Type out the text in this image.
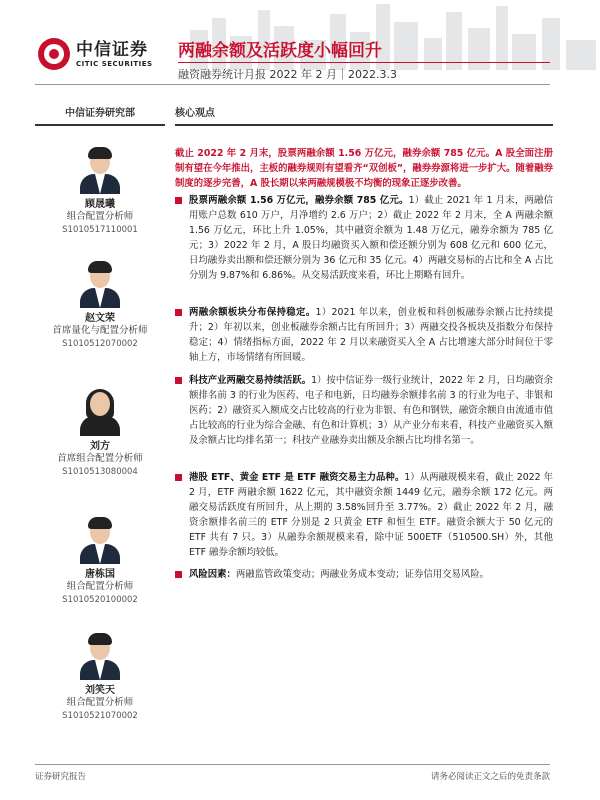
中信证券
CITIC SECURITIES
两融余额及活跃度小幅回升
融资融券统计月报 2022 年 2 月｜2022.3.3
中信证券研究部
顾晟曦
组合配置分析师
S1010517110001
赵文荣
首席量化与配置分析师
S1010512070002
刘方
首席组合配置分析师
S1010513080004
唐栋国
组合配置分析师
S1010520100002
刘笑天
组合配置分析师
S1010521070002
核心观点
截止 2022 年 2 月末，股票两融余额 1.56 万亿元，融券余额 785 亿元。A 股全面注册制有望在今年推出，主板的融券规则有望看齐“双创板”，融券券源将进一步扩大。随着融券制度的逐步完善，A 股长期以来两融规模极不均衡的现象正逐步改善。
股票两融余额 1.56 万亿元，融券余额 785 亿元。1）截止 2021 年 1 月末，两融信用账户总数 610 万户，月净增约 2.6 万户；2）截止 2022 年 2 月末，全 A 两融余额 1.56 万亿元，环比上升 1.05%，其中融资余额为 1.48 万亿元，融券余额为 785 亿元；3）2022 年 2 月，A 股日均融资买入额和偿还额分别为 608 亿元和 600 亿元，日均融券卖出额和偿还额分别为 36 亿元和 35 亿元。4）两融交易标的占比和全 A 占比分别为 9.87%和 6.86%。从交易活跃度来看，环比上期略有回升。
两融余额板块分布保持稳定。1）2021 年以来，创业板和科创板融券余额占比持续提升；2）年初以来，创业板融券余额占比有所回升；3）两融交投各板块及指数分布保持稳定；4）情绪指标方面，2022 年 2 月以来融资买入全 A 占比增速大部分时间位于零轴上方，市场情绪有所回暖。
科技产业两融交易持续活跃。1）按中信证券一级行业统计，2022 年 2 月，日均融资余额排名前 3 的行业为医药、电子和电新，日均融券余额排名前 3 的行业为电子、非银和医药；2）融资买入额成交占比较高的行业为非银、有色和钢铁，融资余额自由流通市值占比较高的行业为综合金融、有色和计算机；3）从产业分布来看，科技产业融资买入额及余额占比均排名第一；科技产业融券卖出额及余额占比均排名第一。
港股 ETF、黄金 ETF 是 ETF 融资交易主力品种。1）从两融规模来看，截止 2022 年 2 月，ETF 两融余额 1622 亿元，其中融资余额 1449 亿元，融券余额 172 亿元。两融交易活跃度有所回升，从上期的 3.58%回升至 3.77%。2）截止 2022 年 2 月，融资余额排名前三的 ETF 分别是 2 只黄金 ETF 和恒生 ETF。融资余额大于 50 亿元的 ETF 共有 7 只。3）从融券余额规模来看，除中证 500ETF（510500.SH）外，其他 ETF 融券余额均较低。
风险因素：两融监管政策变动；两融业务成本变动；证券信用交易风险。
证券研究报告	请务必阅读正文之后的免责条款
